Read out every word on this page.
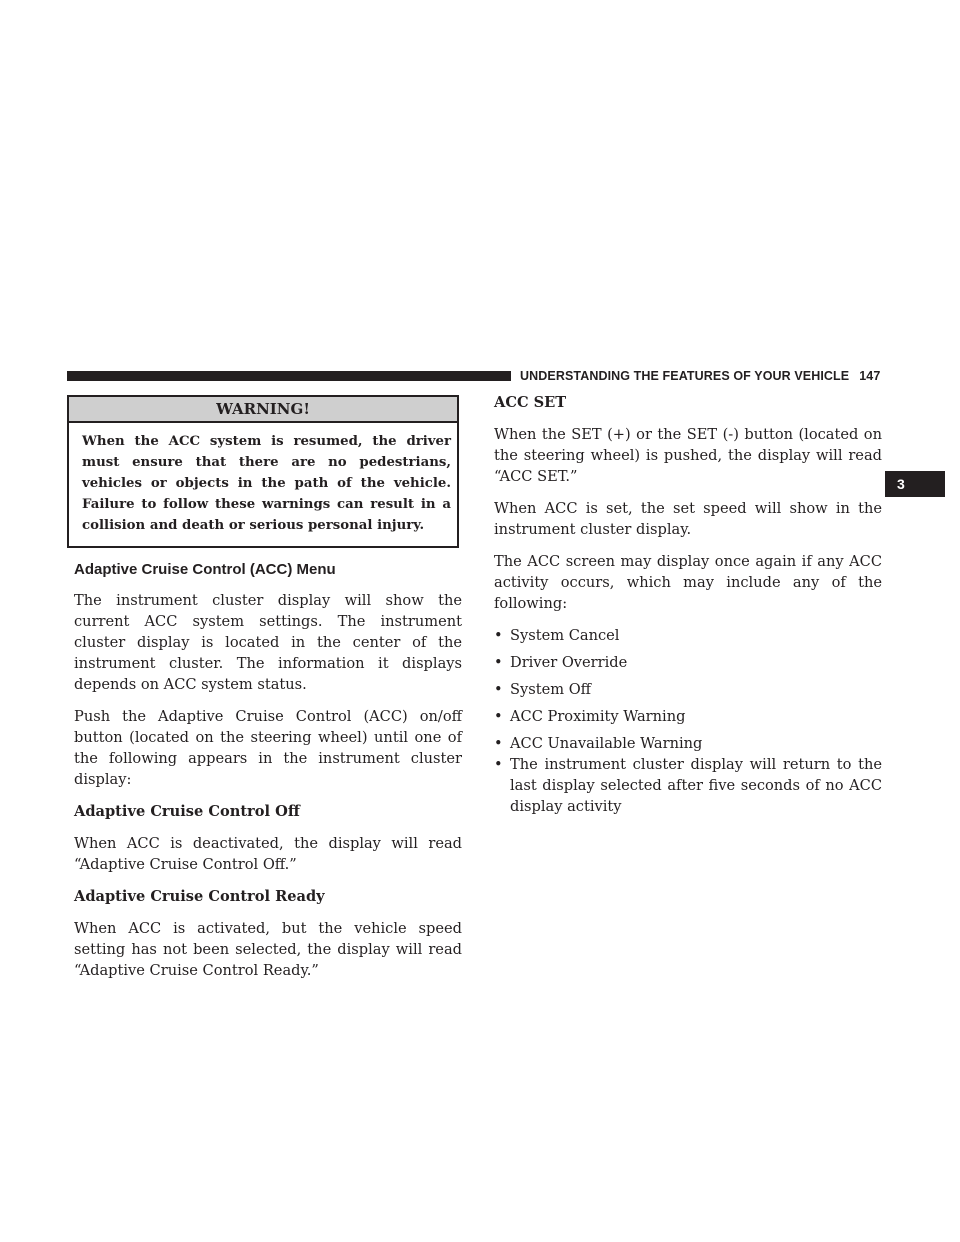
UNDERSTANDING THE FEATURES OF YOUR VEHICLE 147
3
WARNING!
When the ACC system is resumed, the driver must ensure that there are no pedestrians, vehicles or objects in the path of the vehicle. Failure to follow these warnings can result in a collision and death or serious personal injury.
Adaptive Cruise Control (ACC) Menu

The instrument cluster display will show the current ACC system settings. The instrument cluster display is located in the center of the instrument cluster. The information it displays depends on ACC system status.

Push the Adaptive Cruise Control (ACC) on/off button (located on the steering wheel) until one of the following appears in the instrument cluster display:

Adaptive Cruise Control Off

When ACC is deactivated, the display will read “Adaptive Cruise Control Off.”

Adaptive Cruise Control Ready

When ACC is activated, but the vehicle speed setting has not been selected, the display will read “Adaptive Cruise Control Ready.”

ACC SET

When the SET (+) or the SET (-) button (located on the steering wheel) is pushed, the display will read “ACC SET.”

When ACC is set, the set speed will show in the instrument cluster display.

The ACC screen may display once again if any ACC activity occurs, which may include any of the following:

• System Cancel
• Driver Override
• System Off
• ACC Proximity Warning
• ACC Unavailable Warning
• The instrument cluster display will return to the last display selected after five seconds of no ACC display activity
